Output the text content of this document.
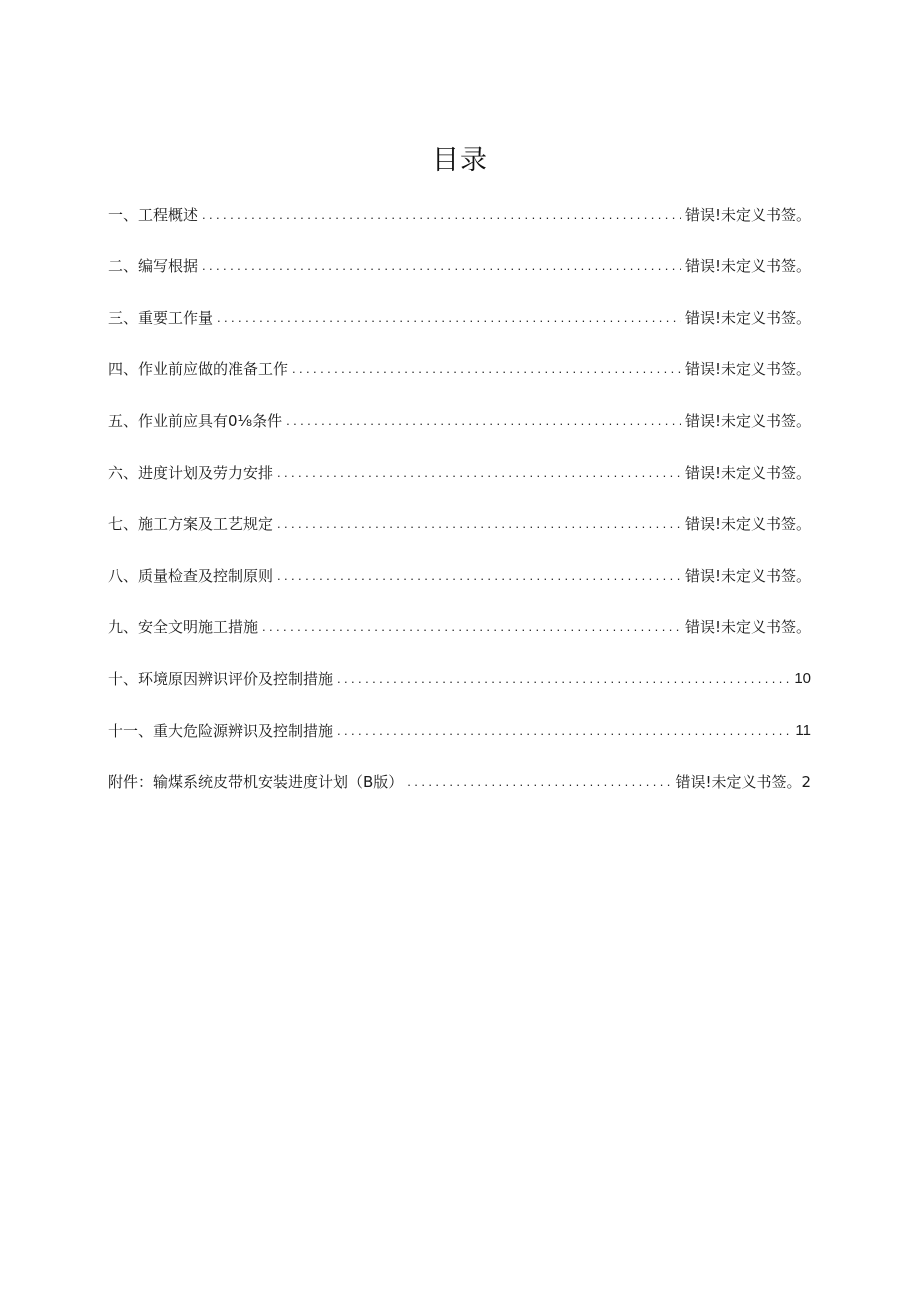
目录
一、工程概述 .....	错误!未定义书签。
二、编写根据 .....	错误!未定义书签。
三、重要工作量 .....	错误!未定义书签。
四、作业前应做的准备工作 .....	错误!未定义书签。
五、作业前应具有0⅛条件 .....	错误!未定义书签。
六、进度计划及劳力安排 .....	错误!未定义书签。
七、施工方案及工艺规定 .....	错误!未定义书签。
八、质量检查及控制原则 .....	错误!未定义书签。
九、安全文明施工措施 .....	错误!未定义书签。
十、环境原因辨识评价及控制措施 .....	10
十一、重大危险源辨识及控制措施 .....	11
附件：输煤系统皮带机安装进度计划（B版） .....	错误!未定义书签。2
